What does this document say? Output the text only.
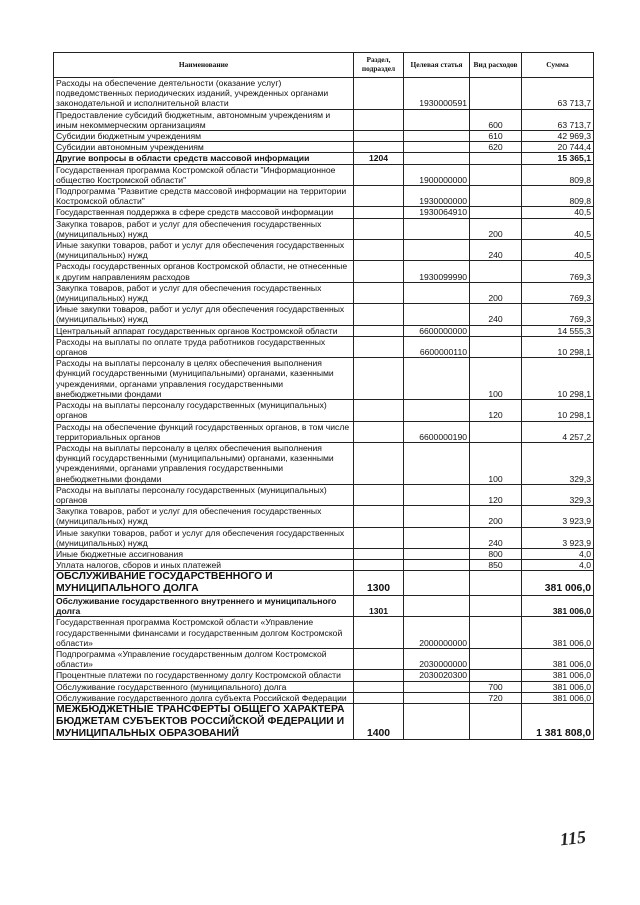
Наименование	Раздел, подраздел	Целевая статья	Вид расходов	Сумма
Расходы на обеспечение деятельности (оказание услуг) подведомственных периодических изданий, учрежденных органами законодательной и исполнительной власти		1930000591		63 713,7
Предоставление субсидий бюджетным, автономным учреждениям и иным некоммерческим организациям			600	63 713,7
Субсидии бюджетным учреждениям			610	42 969,3
Субсидии автономным учреждениям			620	20 744,4
Другие вопросы в области средств массовой информации	1204			15 365,1
Государственная программа Костромской области "Информационное общество Костромской области"		1900000000		809,8
Подпрограмма "Развитие средств массовой информации на территории Костромской области"		1930000000		809,8
Государственная поддержка в сфере средств массовой информации		1930064910		40,5
Закупка товаров, работ и услуг для обеспечения государственных (муниципальных) нужд			200	40,5
Иные закупки товаров, работ и услуг для обеспечения государственных (муниципальных) нужд			240	40,5
Расходы государственных органов Костромской области, не отнесенные к другим направлениям расходов		1930099990		769,3
Закупка товаров, работ и услуг для обеспечения государственных (муниципальных) нужд			200	769,3
Иные закупки товаров, работ и услуг для обеспечения государственных (муниципальных) нужд			240	769,3
Центральный аппарат государственных органов Костромской области		6600000000		14 555,3
Расходы на выплаты по оплате труда работников государственных органов		6600000110		10 298,1
Расходы на выплаты персоналу в целях обеспечения выполнения функций государственными (муниципальными) органами, казенными учреждениями, органами управления государственными внебюджетными фондами			100	10 298,1
Расходы на выплаты персоналу государственных (муниципальных) органов			120	10 298,1
Расходы на обеспечение функций государственных органов, в том числе территориальных органов		6600000190		4 257,2
Расходы на выплаты персоналу в целях обеспечения выполнения функций государственными (муниципальными) органами, казенными учреждениями, органами управления государственными внебюджетными фондами			100	329,3
Расходы на выплаты персоналу государственных (муниципальных) органов			120	329,3
Закупка товаров, работ и услуг для обеспечения государственных (муниципальных) нужд			200	3 923,9
Иные закупки товаров, работ и услуг для обеспечения государственных (муниципальных) нужд			240	3 923,9
Иные бюджетные ассигнования			800	4,0
Уплата налогов, сборов и иных платежей			850	4,0
ОБСЛУЖИВАНИЕ ГОСУДАРСТВЕННОГО И МУНИЦИПАЛЬНОГО ДОЛГА	1300			381 006,0
Обслуживание государственного внутреннего и муниципального долга	1301			381 006,0
Государственная программа Костромской области «Управление государственными финансами и государственным долгом Костромской области»		2000000000		381 006,0
Подпрограмма «Управление государственным долгом Костромской области»		2030000000		381 006,0
Процентные платежи по государственному долгу Костромской области		2030020300		381 006,0
Обслуживание государственного (муниципального) долга			700	381 006,0
Обслуживание государственного долга субъекта Российской Федерации			720	381 006,0
МЕЖБЮДЖЕТНЫЕ ТРАНСФЕРТЫ ОБЩЕГО ХАРАКТЕРА БЮДЖЕТАМ СУБЪЕКТОВ РОССИЙСКОЙ ФЕДЕРАЦИИ И МУНИЦИПАЛЬНЫХ ОБРАЗОВАНИЙ	1400			1 381 808,0
115
